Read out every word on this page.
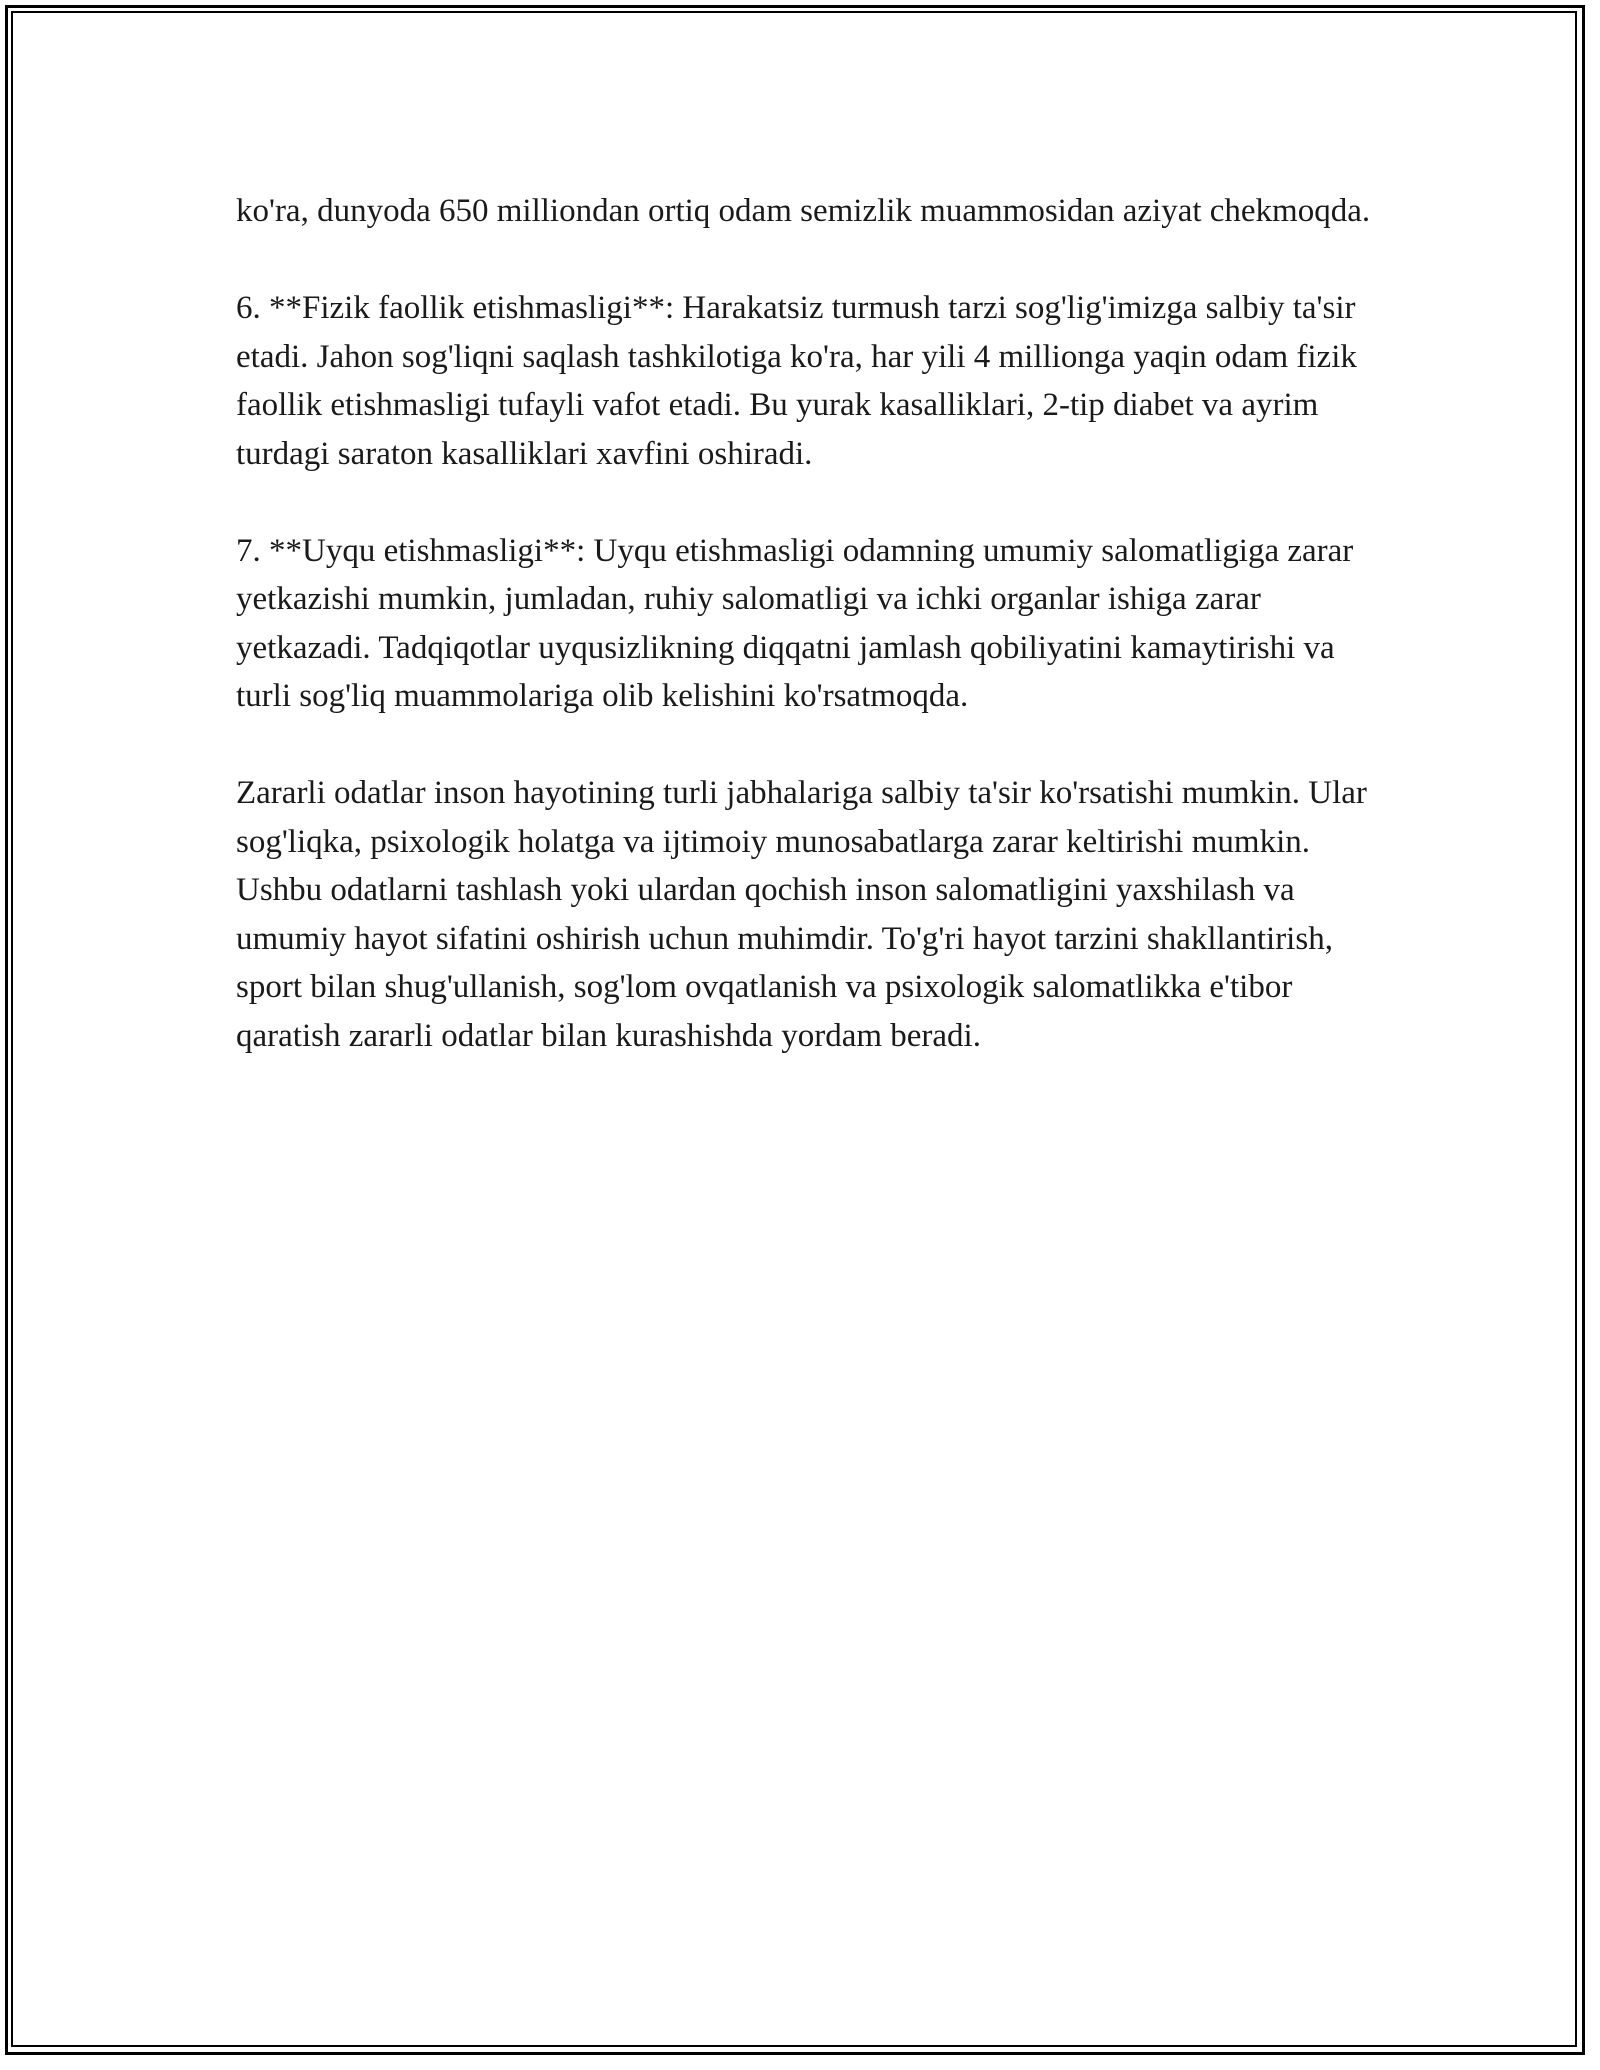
ko'ra, dunyoda 650 milliondan ortiq odam semizlik muammosidan aziyat chekmoqda.

6. **Fizik faollik etishmasligi**: Harakatsiz turmush tarzi sog'lig'imizga salbiy ta'sir etadi. Jahon sog'liqni saqlash tashkilotiga ko'ra, har yili 4 millionga yaqin odam fizik faollik etishmasligi tufayli vafot etadi. Bu yurak kasalliklari, 2-tip diabet va ayrim turdagi saraton kasalliklari xavfini oshiradi.

7. **Uyqu etishmasligi**: Uyqu etishmasligi odamning umumiy salomatligiga zarar yetkazishi mumkin, jumladan, ruhiy salomatligi va ichki organlar ishiga zarar yetkazadi. Tadqiqotlar uyqusizlikning diqqatni jamlash qobiliyatini kamaytirishi va turli sog'liq muammolariga olib kelishini ko'rsatmoqda.

Zararli odatlar inson hayotining turli jabhalariga salbiy ta'sir ko'rsatishi mumkin. Ular sog'liqka, psixologik holatga va ijtimoiy munosabatlarga zarar keltirishi mumkin. Ushbu odatlarni tashlash yoki ulardan qochish inson salomatligini yaxshilash va umumiy hayot sifatini oshirish uchun muhimdir. To'g'ri hayot tarzini shakllantirish, sport bilan shug'ullanish, sog'lom ovqatlanish va psixologik salomatlikka e'tibor qaratish zararli odatlar bilan kurashishda yordam beradi.
